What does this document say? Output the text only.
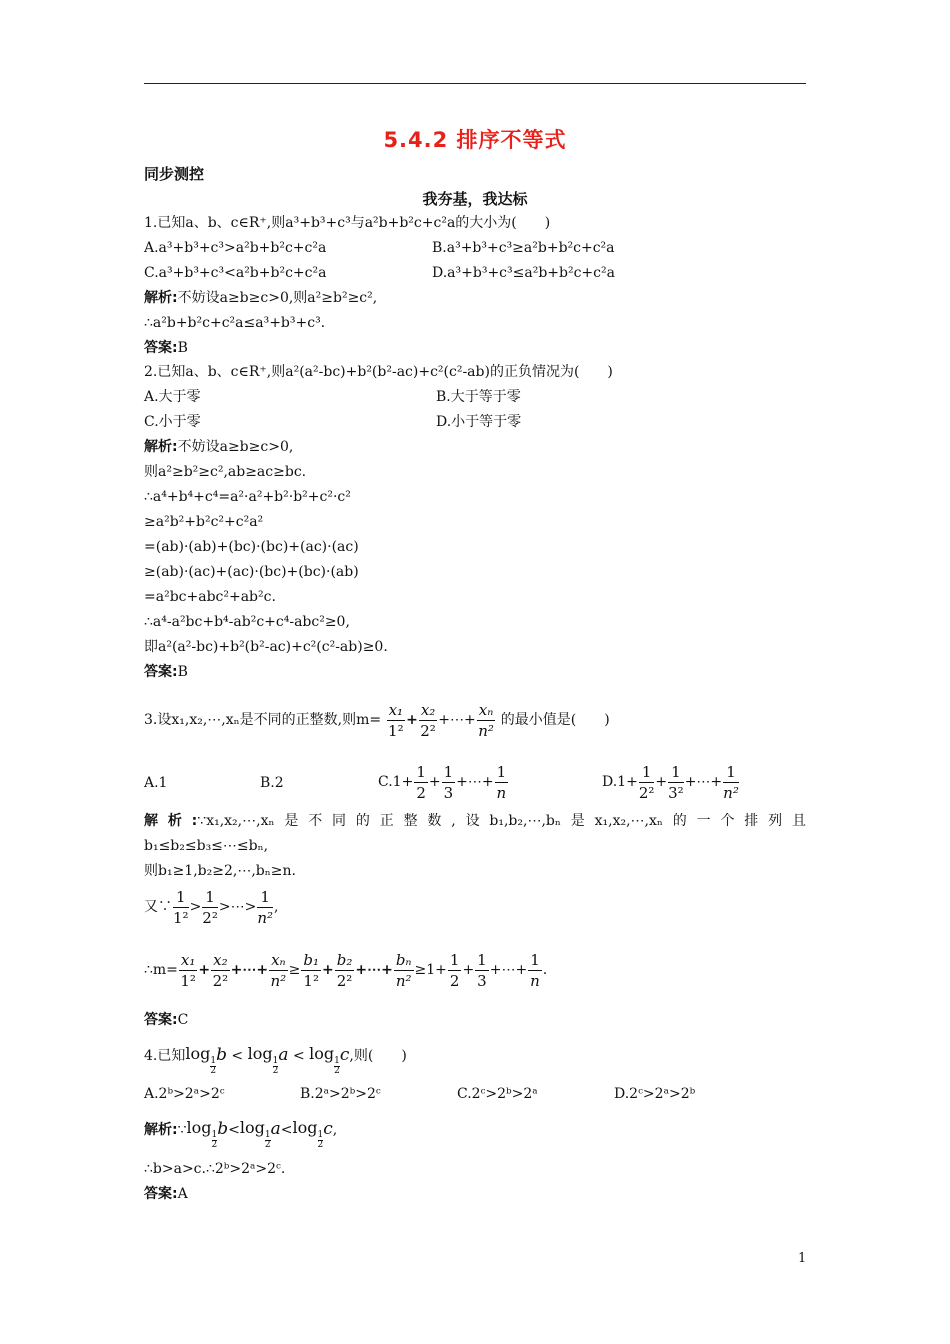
5.4.2 排序不等式
同步测控
我夯基，我达标
1.已知a、b、c∈R⁺,则a³+b³+c³与a²b+b²c+c²a的大小为(　　)
A.a³+b³+c³>a²b+b²c+c²a	B.a³+b³+c³≥a²b+b²c+c²a
C.a³+b³+c³<a²b+b²c+c²a	D.a³+b³+c³≤a²b+b²c+c²a
解析:不妨设a≥b≥c>0,则a²≥b²≥c²,
∴a²b+b²c+c²a≤a³+b³+c³.
答案:B
2.已知a、b、c∈R⁺,则a²(a²-bc)+b²(b²-ac)+c²(c²-ab)的正负情况为(　　)
A.大于零	B.大于等于零
C.小于零	D.小于等于零
解析:不妨设a≥b≥c>0,
则a²≥b²≥c²,ab≥ac≥bc.
∴a⁴+b⁴+c⁴=a²·a²+b²·b²+c²·c²
≥a²b²+b²c²+c²a²
=(ab)·(ab)+(bc)·(bc)+(ac)·(ac)
≥(ab)·(ac)+(ac)·(bc)+(bc)·(ab)
=a²bc+abc²+ab²c.
∴a⁴-a²bc+b⁴-ab²c+c⁴-abc²≥0,
即a²(a²-bc)+b²(b²-ac)+c²(c²-ab)≥0.
答案:B
3.设x₁,x₂,⋯,xₙ是不同的正整数,则$m= \frac{\text{x₁}}{\text{1²}} + \frac{\text{x₂}}{\text{2²}}$ +⋯+ $\frac{\text{xₙ}}{\text{n²}}$ 的最小值是(　　)
A.1	B.2	$C.1+ \frac{1}{2} + \frac{1}{3}$ +⋯+ $\frac{1}{n}$	$D.1+ \frac{1}{\text{2²}} + \frac{1}{\text{3²}}$ +⋯+ $\frac{1}{\text{n²}}$
解析:∵x₁,x₂,⋯,xₙ是不同的正整数,设b₁,b₂,⋯,bₙ是x₁,x₂,⋯,xₙ的一个排列且
b₁≤b₂≤b₃≤⋯≤bₙ,
则b₁≥1,b₂≥2,⋯,bₙ≥n.
又∵ $\frac{1}{\text{1²}} > \frac{1}{\text{2²}}$ >⋯> $\frac{1}{\text{n²}}$ ,
∴m= $\frac{\text{x₁}}{\text{1²}} + \frac{\text{x₂}}{\text{2²}}$ +⋯+ $\frac{\text{xₙ}}{\text{n²}} \ge \frac{\text{b₁}}{\text{1²}} + \frac{\text{b₂}}{\text{2²}}$ +⋯+ $\frac{\text{bₙ}}{\text{n²}} \ge 1+ \frac{1}{2} + \frac{1}{3}$ +⋯+ $\frac{1}{n}$ .
答案:C
4.已知log
$\frac{1}{2}$
b < log
$\frac{1}{2}$
a < log
$\frac{1}{2}$
c,则(　　)
A.2ᵇ>2ᵃ>2ᶜ	B.2ᵃ>2ᵇ>2ᶜ	C.2ᶜ>2ᵇ>2ᵃ	D.2ᶜ>2ᵃ>2ᵇ
解析:∵log
$\frac{1}{2}$
b<log
$\frac{1}{2}$
a<log
$\frac{1}{2}$
c,
∴b>a>c.∴2ᵇ>2ᵃ>2ᶜ.
答案:A
1
